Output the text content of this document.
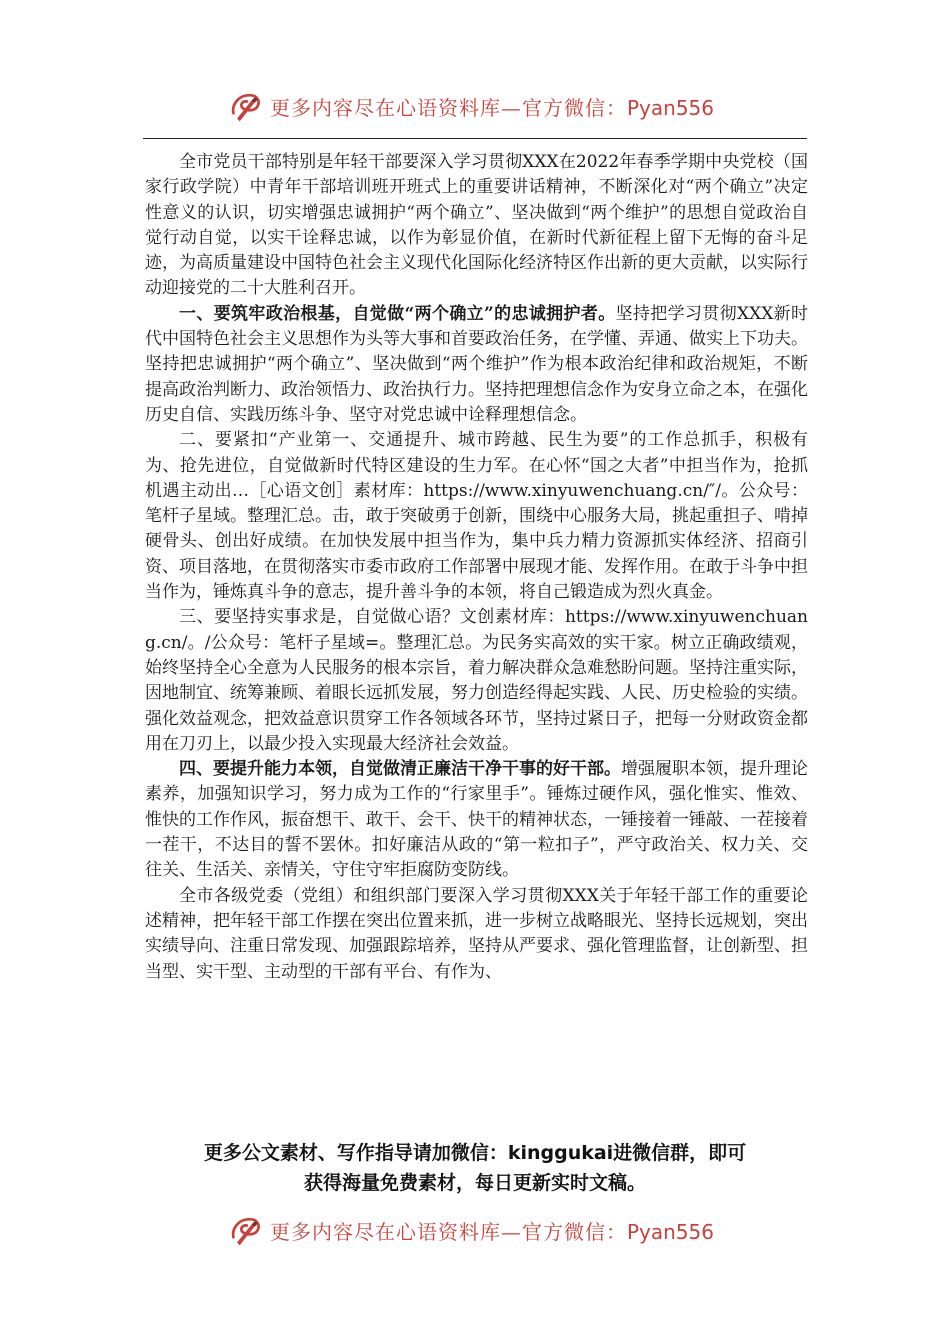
更多内容尽在心语资料库—官方微信：Pyan556

全市党员干部特别是年轻干部要深入学习贯彻XXX在2022年春季学期中央党校（国家行政学院）中青年干部培训班开班式上的重要讲话精神，不断深化对“两个确立”决定性意义的认识，切实增强忠诚拥护“两个确立”、坚决做到“两个维护”的思想自觉政治自觉行动自觉，以实干诠释忠诚，以作为彰显价值，在新时代新征程上留下无悔的奋斗足迹，为高质量建设中国特色社会主义现代化国际化经济特区作出新的更大贡献，以实际行动迎接党的二十大胜利召开。

一、要筑牢政治根基，自觉做“两个确立”的忠诚拥护者。坚持把学习贯彻XXX新时代中国特色社会主义思想作为头等大事和首要政治任务，在学懂、弄通、做实上下功夫。坚持把忠诚拥护“两个确立”、坚决做到“两个维护”作为根本政治纪律和政治规矩，不断提高政治判断力、政治领悟力、政治执行力。坚持把理想信念作为安身立命之本，在强化历史自信、实践历练斗争、坚守对党忠诚中诠释理想信念。

二、要紧扣“产业第一、交通提升、城市跨越、民生为要”的工作总抓手，积极有为、抢先进位，自觉做新时代特区建设的生力军。在心怀“国之大者”中担当作为，抢抓机遇主动出…［心语文创］素材库：https://www.xinyuwenchuang.cn/″/。公众号：笔杆子星域。整理汇总。击，敢于突破勇于创新，围绕中心服务大局，挑起重担子、啃掉硬骨头、创出好成绩。在加快发展中担当作为，集中兵力精力资源抓实体经济、招商引资、项目落地，在贯彻落实市委市政府工作部署中展现才能、发挥作用。在敢于斗争中担当作为，锤炼真斗争的意志，提升善斗争的本领，将自己锻造成为烈火真金。

三、要坚持实事求是，自觉做心语？文创素材库：https://www.xinyuwenchuang.cn/。/公众号：笔杆子星域=。整理汇总。为民务实高效的实干家。树立正确政绩观，始终坚持全心全意为人民服务的根本宗旨，着力解决群众急难愁盼问题。坚持注重实际，因地制宜、统筹兼顾、着眼长远抓发展，努力创造经得起实践、人民、历史检验的实绩。强化效益观念，把效益意识贯穿工作各领域各环节，坚持过紧日子，把每一分财政资金都用在刀刃上，以最少投入实现最大经济社会效益。

四、要提升能力本领，自觉做清正廉洁干净干事的好干部。增强履职本领，提升理论素养，加强知识学习，努力成为工作的“行家里手”。锤炼过硬作风，强化惟实、惟效、惟快的工作作风，振奋想干、敢干、会干、快干的精神状态，一锤接着一锤敲、一茬接着一茬干，不达目的誓不罢休。扣好廉洁从政的“第一粒扣子”，严守政治关、权力关、交往关、生活关、亲情关，守住守牢拒腐防变防线。

全市各级党委（党组）和组织部门要深入学习贯彻XXX关于年轻干部工作的重要论述精神，把年轻干部工作摆在突出位置来抓，进一步树立战略眼光、坚持长远规划，突出实绩导向、注重日常发现、加强跟踪培养，坚持从严要求、强化管理监督，让创新型、担当型、实干型、主动型的干部有平台、有作为、

更多公文素材、写作指导请加微信：kinggukai进微信群，即可
获得海量免费素材，每日更新实时文稿。
更多内容尽在心语资料库—官方微信：Pyan556
